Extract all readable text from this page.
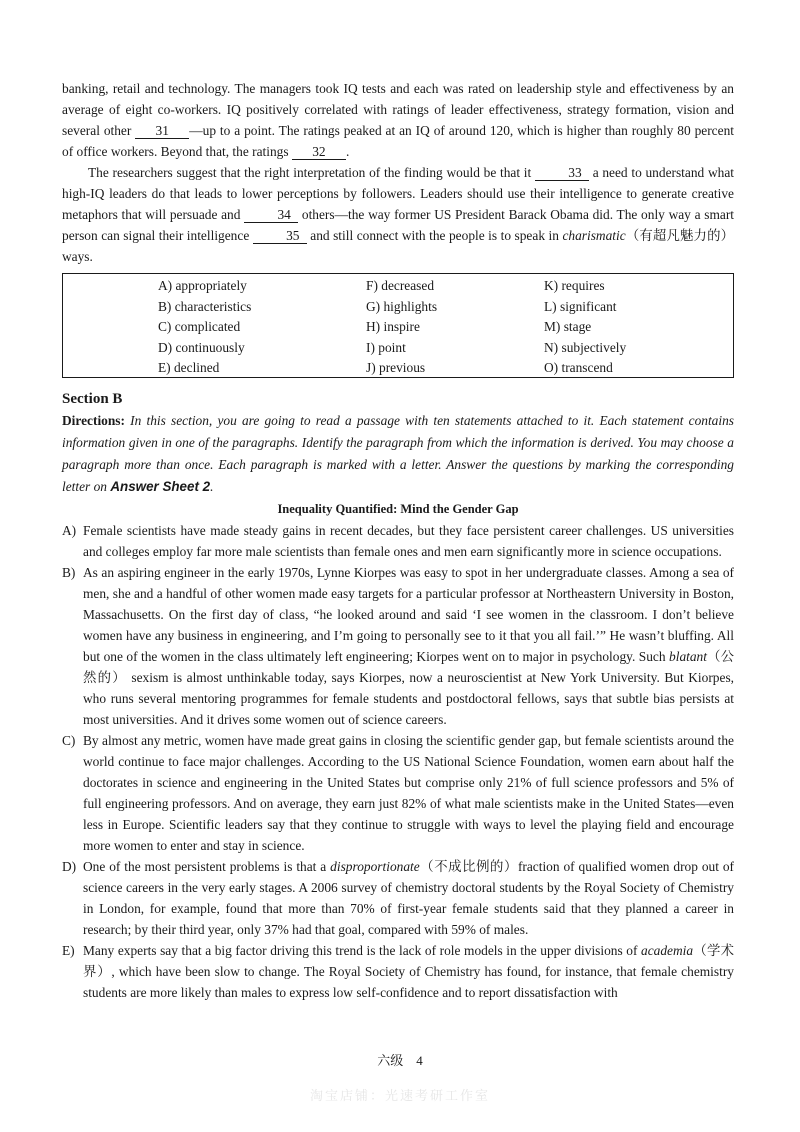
banking, retail and technology. The managers took IQ tests and each was rated on leadership style and effectiveness by an average of eight co-workers. IQ positively correlated with ratings of leader effectiveness, strategy formation, vision and several other 31 —up to a point. The ratings peaked at an IQ of around 120, which is higher than roughly 80 percent of office workers. Beyond that, the ratings 32 .

The researchers suggest that the right interpretation of the finding would be that it 33 a need to understand what high-IQ leaders do that leads to lower perceptions by followers. Leaders should use their intelligence to generate creative metaphors that will persuade and 34 others—the way former US President Barack Obama did. The only way a smart person can signal their intelligence 35 and still connect with the people is to speak in charismatic（有超凡魅力的）ways.

A) appropriately
B) characteristics
C) complicated
D) continuously
E) declined
F) decreased
G) highlights
H) inspire
I) point
J) previous
K) requires
L) significant
M) stage
N) subjectively
O) transcend
Section B
Directions: In this section, you are going to read a passage with ten statements attached to it. Each statement contains information given in one of the paragraphs. Identify the paragraph from which the information is derived. You may choose a paragraph more than once. Each paragraph is marked with a letter. Answer the questions by marking the corresponding letter on Answer Sheet 2.
Inequality Quantified: Mind the Gender Gap
A) Female scientists have made steady gains in recent decades, but they face persistent career challenges. US universities and colleges employ far more male scientists than female ones and men earn significantly more in science occupations.

B) As an aspiring engineer in the early 1970s, Lynne Kiorpes was easy to spot in her undergraduate classes. Among a sea of men, she and a handful of other women made easy targets for a particular professor at Northeastern University in Boston, Massachusetts. On the first day of class, “he looked around and said ‘I see women in the classroom. I don’t believe women have any business in engineering, and I’m going to personally see to it that you all fail.’” He wasn’t bluffing. All but one of the women in the class ultimately left engineering; Kiorpes went on to major in psychology. Such blatant（公然的） sexism is almost unthinkable today, says Kiorpes, now a neuroscientist at New York University. But Kiorpes, who runs several mentoring programmes for female students and postdoctoral fellows, says that subtle bias persists at most universities. And it drives some women out of science careers.

C) By almost any metric, women have made great gains in closing the scientific gender gap, but female scientists around the world continue to face major challenges. According to the US National Science Foundation, women earn about half the doctorates in science and engineering in the United States but comprise only 21% of full science professors and 5% of full engineering professors. And on average, they earn just 82% of what male scientists make in the United States—even less in Europe. Scientific leaders say that they continue to struggle with ways to level the playing field and encourage more women to enter and stay in science.

D) One of the most persistent problems is that a disproportionate（不成比例的）fraction of qualified women drop out of science careers in the very early stages. A 2006 survey of chemistry doctoral students by the Royal Society of Chemistry in London, for example, found that more than 70% of first-year female students said that they planned a career in research; by their third year, only 37% had that goal, compared with 59% of males.

E) Many experts say that a big factor driving this trend is the lack of role models in the upper divisions of academia（学术界）, which have been slow to change. The Royal Society of Chemistry has found, for instance, that female chemistry students are more likely than males to express low self-confidence and to report dissatisfaction with

六级　4
淘宝店铺：光速考研工作室
